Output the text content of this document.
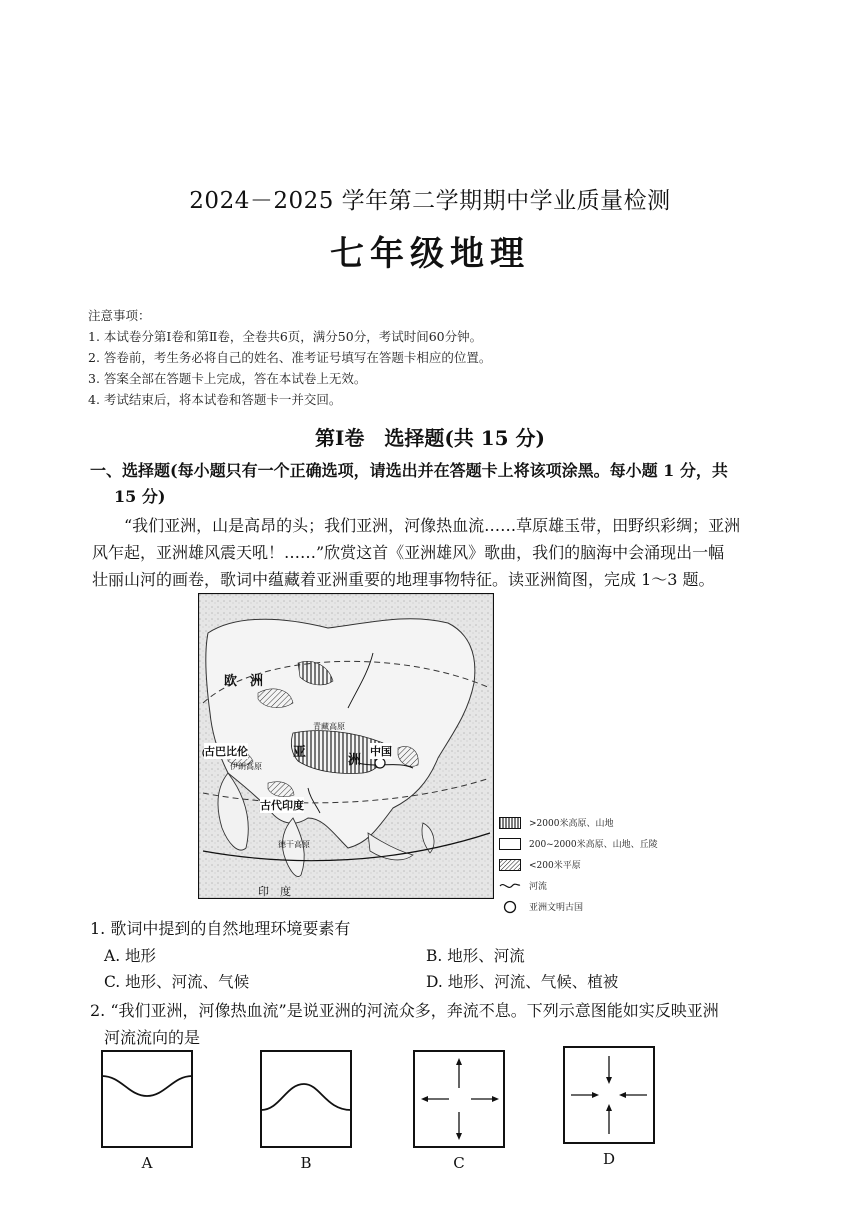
2024－2025 学年第二学期期中学业质量检测
七年级地理
注意事项：
1. 本试卷分第Ⅰ卷和第Ⅱ卷，全卷共6页，满分50分，考试时间60分钟。
2. 答卷前，考生务必将自己的姓名、准考证号填写在答题卡相应的位置。
3. 答案全部在答题卡上完成，答在本试卷上无效。
4. 考试结束后，将本试卷和答题卡一并交回。
第Ⅰ卷　选择题(共 15 分)
一、选择题(每小题只有一个正确选项，请选出并在答题卡上将该项涂黑。每小题 1 分，共
15 分)
“我们亚洲，山是高昂的头；我们亚洲，河像热血流……草原雄玉带，田野织彩绸；亚洲
风乍起，亚洲雄风震天吼！……”欣赏这首《亚洲雄风》歌曲，我们的脑海中会涌现出一幅
壮丽山河的画卷，歌词中蕴藏着亚洲重要的地理事物特征。读亚洲简图，完成 1～3 题。
欧　洲
亚
洲
古巴比伦
古代印度
中国
伊朗高原
青藏高原
德干高原
印　度
>2000米高原、山地
200~2000米高原、山地、丘陵
<200米平原
河流
亚洲文明古国
1. 歌词中提到的自然地理环境要素有
A. 地形	B. 地形、河流
C. 地形、河流、气候	D. 地形、河流、气候、植被
2. “我们亚洲，河像热血流”是说亚洲的河流众多，奔流不息。下列示意图能如实反映亚洲
河流流向的是
A	B	C	D
